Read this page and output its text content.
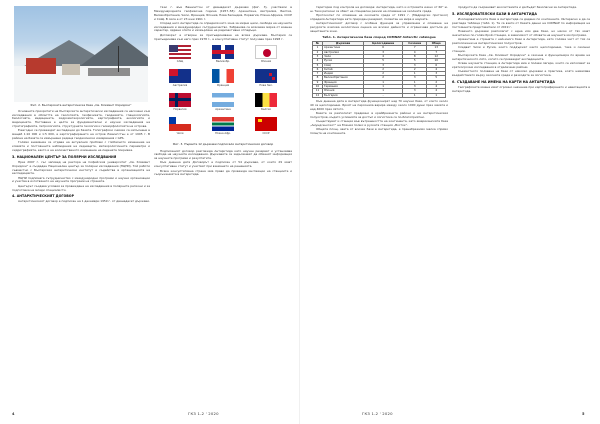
Фиг. 2. Българската антарктическа база „Св. Климент Охридски“

Основните приоритети на българските антарктически изследвания са насочени към изследвания в областта на геологията, геофизиката, геодезията, глациологията, биологията, медицината, хидрометеорологията, картографията, екологията и медицината. Поставена е целта за фундаментални и научни изследвания на стратиграфията, петрологията, структурната геология и геоморфологията на острова.

Ежегодно се провеждат експедиции до базата. Топографски снимки са изпълнени в мащаб 1:10 000 и 1:5 000, а картографирането на остров Ливингстън е от 1995 г. В района на базата са извършени редица геодезически измервания с GPS.

Голямо внимание се отдава на актуалния проблем с глобалното изменение на климата и постоянните наблюдения на ледниците, метеорологичните параметри и хидрографията, както и на количественото изменение на ледената покривка.

3. НАЦИОНАЛЕН ЦЕНТЪР ЗА ПОЛЯРНИ ИЗСЛЕДВАНИЯ

През 2007 г. със заповед на ректора на Софийския университет „Св. Климент Охридски“ е създаден Национален център за полярни изследвания (НЦПИ). Той работи съвместно с Българския антарктически институт и съдейства в организацията на експедициите.

НЦПИ подпомага сътрудничество с международни програми и научни организации и участва в изготвянето на научните програми на страната.

Центърът създава условия за провеждане на изследвания в полярните региони и за подготовка на млади специалисти.

4. АНТАРКТИЧЕСКИЯТ ДОГОВОР

Антарктическият договор е подписан на 1 декември 1959 г. от дванадесет държави.

тази г. във Вашингтон от дванадесет държави (фиг. 3), участвали в Международната геофизична година (1957–58): Аржентина, Австралия, Белгия, Великобритания, Чили, Франция, Япония, Нова Зеландия, Норвегия, Южна Африка, СССР и САЩ. В сила е от 23 юни 1961 г.

Според него Антарктида се определя като зона за мирни цели, свобода на научните изследвания и международно сътрудничество. Забранява се всякаква мярка от военен характер, ядрени опити и изхвърляне на радиоактивни отпадъци.

Договорът е отворен за присъединяване на всяка държава. България се присъединява към него през 1978 г., а консултативен статут получава през 1998 г.

САЩ	Великобр.	Япония
Австралия	Франция	Нова Зел.
Норвегия	Аржентина	Белгия
Чили	Южна Афр.	СССР
Фиг. 3. Първите 12 държави подписали Антарктическия договор

Подписаният договор разглежда Антарктида като научен резерват и установява свобода на научните изследвания. Държавите се задължават да обменят информация за научните програми и резултатите.

Към днешна дата Договорът е подписан от 54 държави, от които 29 имат консултативен статут и участват при вземането на решенията.

Всяка консултативна страна има право да провежда инспекции на станциите и съоръженията в Антарктида.

4	ГКЗ 1-2 ' 2020

територии под контрола на договора: Антарктида, като и островите южно от 60° ю. ш. Тези региони са обект на специален режим на опазване на околната среда.

Протоколът по опазване на околната среда от 1991 г. (Мадридски протокол) определя Антарктида като природен резерват, посветен на мира и науката.

Антарктическият договор с особена функция за управление и опазване на ресурсите изисква екологична оценка на всички дейности и ограничава достъпа до защитените зони.

Табл. 1. Антарктически бази според COMNAP Antarctic catalogue
№	Държава	Целогодишни	Сезонни	Общо
1	Аржентина	6	7	13
2	Австралия	3	4	7
3	Чили	4	8	12
4	Русия	5	5	10
5	САЩ	3	3	6
6	Китай	2	2	4
7	Индия	2	1	3
8	Великобритания	2	3	5
9	Франция	1	1	2
10	Германия	1	3	4
11	Япония	1	3	4
12	България	-	1	1

Към днешна дата в Антарктида функционират над 70 научни бази, от които около 40 са целогодишни. Броят на персонала варира между около 1000 души през зимата и над 4000 през лятото.

Базите се разполагат предимно в крайбрежните райони и на Антарктическия полуостров, където условията за достъп и логистика са по-благоприятни.

Съществуват и станции във вътрешността на континента, като американската база „Амундсен-Скот“ на Южния полюс и руската станция „Восток“.

Общата площ, заета от всички бази в Антарктида, е пренебрежимо малка спрямо площта на континента.

продукти да съхраняват екосистемите и да бъдат безопасни за Антарктида.

5. ИЗСЛЕДОВАТЕЛСКИ БАЗИ В АНТАРКТИДА

Изследователските бази в Антарктида са дадени по континенти. Интересно е да се разгледа таблица (табл. 1). Те са взети от базата данни на COMNAP по информация на постоянните представители от 2019 г.

Повечето държави разполагат с една или две бази, но някои от тях имат значително по-голям брой станции, в зависимост от обхвата на научните им програми.

Аржентина е страната с най-много бази в Антарктида, като голяма част от тях са разположени на Антарктическия полуостров.

Следват Чили и Русия, които поддържат както целогодишни, така и сезонни станции.

Българската база „Св. Климент Охридски“ е сезонна и функционира по време на антарктическото лято, когато се провеждат експедициите.

Освен научните станции, в Антарктида има и полеви лагери, които се използват за краткосрочни изследвания в отдалечени райони.

Съвместното ползване на бази от няколко държави е практика, която намалява въздействието върху околната среда и разходите за логистика.

6. СЪЗДАВАНЕ НА ИМЕНА НА КАРТИ НА АНТАРКТИДА

Географските имена имат огромно значение при картографирането и навигацията в Антарктида.

ГКЗ 1-2 ' 2020	5
